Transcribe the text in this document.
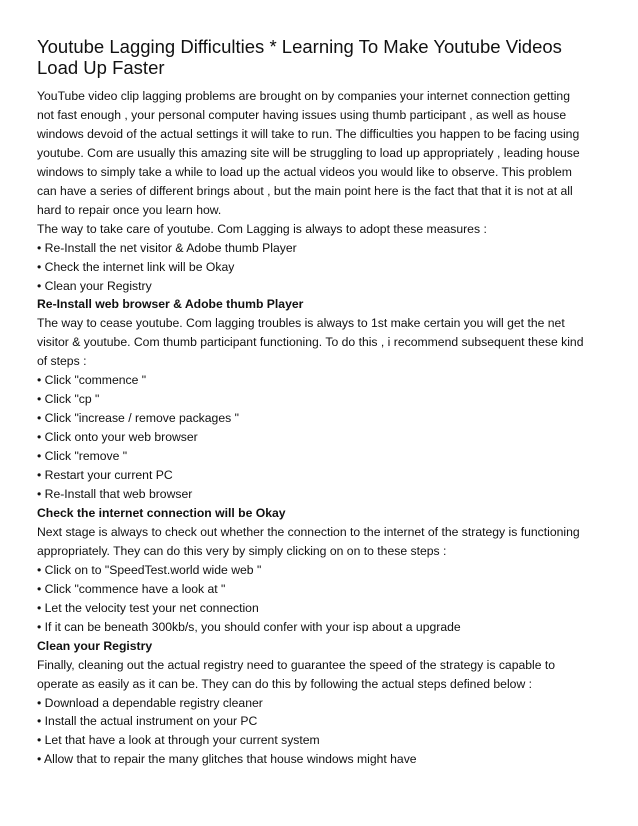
Youtube Lagging Difficulties * Learning To Make Youtube Videos
Load Up Faster
YouTube video clip lagging problems are brought on by companies your internet connection getting
not fast enough , your personal computer having issues using thumb participant , as well as house
windows devoid of the actual settings it will take to run. The difficulties you happen to be facing using
youtube. Com are usually this amazing site will be struggling to load up appropriately , leading house
windows to simply take a while to load up the actual videos you would like to observe. This problem
can have a series of different brings about , but the main point here is the fact that that it is not at all
hard to repair once you learn how.
The way to take care of youtube. Com Lagging is always to adopt these measures :
• Re-Install the net visitor & Adobe thumb Player
• Check the internet link will be Okay
• Clean your Registry
Re-Install web browser & Adobe thumb Player
The way to cease youtube. Com lagging troubles is always to 1st make certain you will get the net
visitor & youtube. Com thumb participant functioning. To do this , i recommend subsequent these kind
of steps :
• Click "commence "
• Click "cp "
• Click "increase / remove packages "
• Click onto your web browser
• Click "remove "
• Restart your current PC
• Re-Install that web browser
Check the internet connection will be Okay
Next stage is always to check out whether the connection to the internet of the strategy is functioning
appropriately. They can do this very by simply clicking on on to these steps :
• Click on to "SpeedTest.world wide web "
• Click "commence have a look at "
• Let the velocity test your net connection
• If it can be beneath 300kb/s, you should confer with your isp about a upgrade
Clean your Registry
Finally, cleaning out the actual registry need to guarantee the speed of the strategy is capable to
operate as easily as it can be. They can do this by following the actual steps defined below :
• Download a dependable registry cleaner
• Install the actual instrument on your PC
• Let that have a look at through your current system
• Allow that to repair the many glitches that house windows might have
